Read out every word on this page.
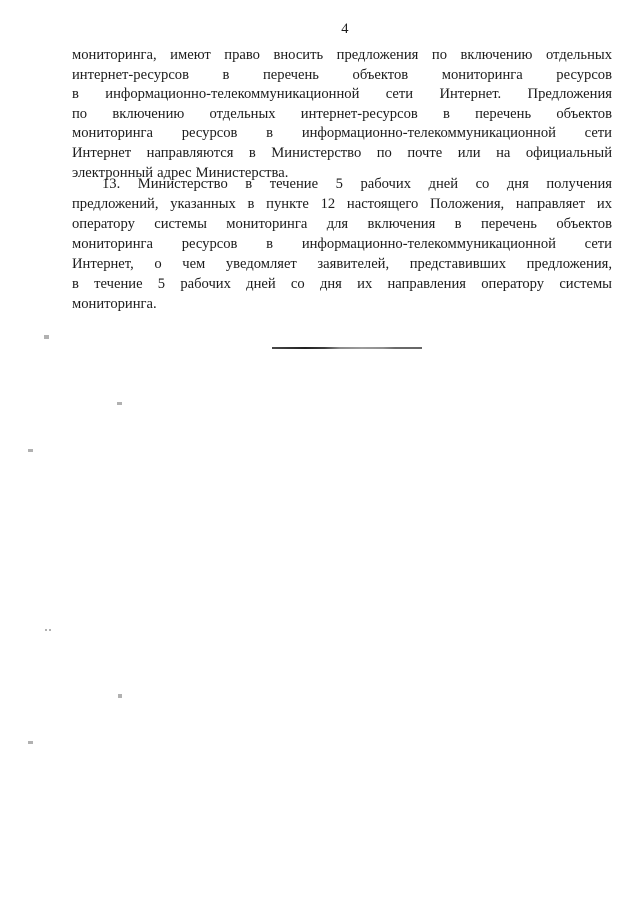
4
мониторинга, имеют право вносить предложения по включению отдельных
интернет-ресурсов в перечень объектов мониторинга ресурсов
в информационно-телекоммуникационной сети Интернет. Предложения
по включению отдельных интернет-ресурсов в перечень объектов
мониторинга ресурсов в информационно-телекоммуникационной сети
Интернет направляются в Министерство по почте или на официальный
электронный адрес Министерства.
13. Министерство в течение 5 рабочих дней со дня получения
предложений, указанных в пункте 12 настоящего Положения, направляет их
оператору системы мониторинга для включения в перечень объектов
мониторинга ресурсов в информационно-телекоммуникационной сети
Интернет, о чем уведомляет заявителей, представивших предложения,
в течение 5 рабочих дней со дня их направления оператору системы
мониторинга.
